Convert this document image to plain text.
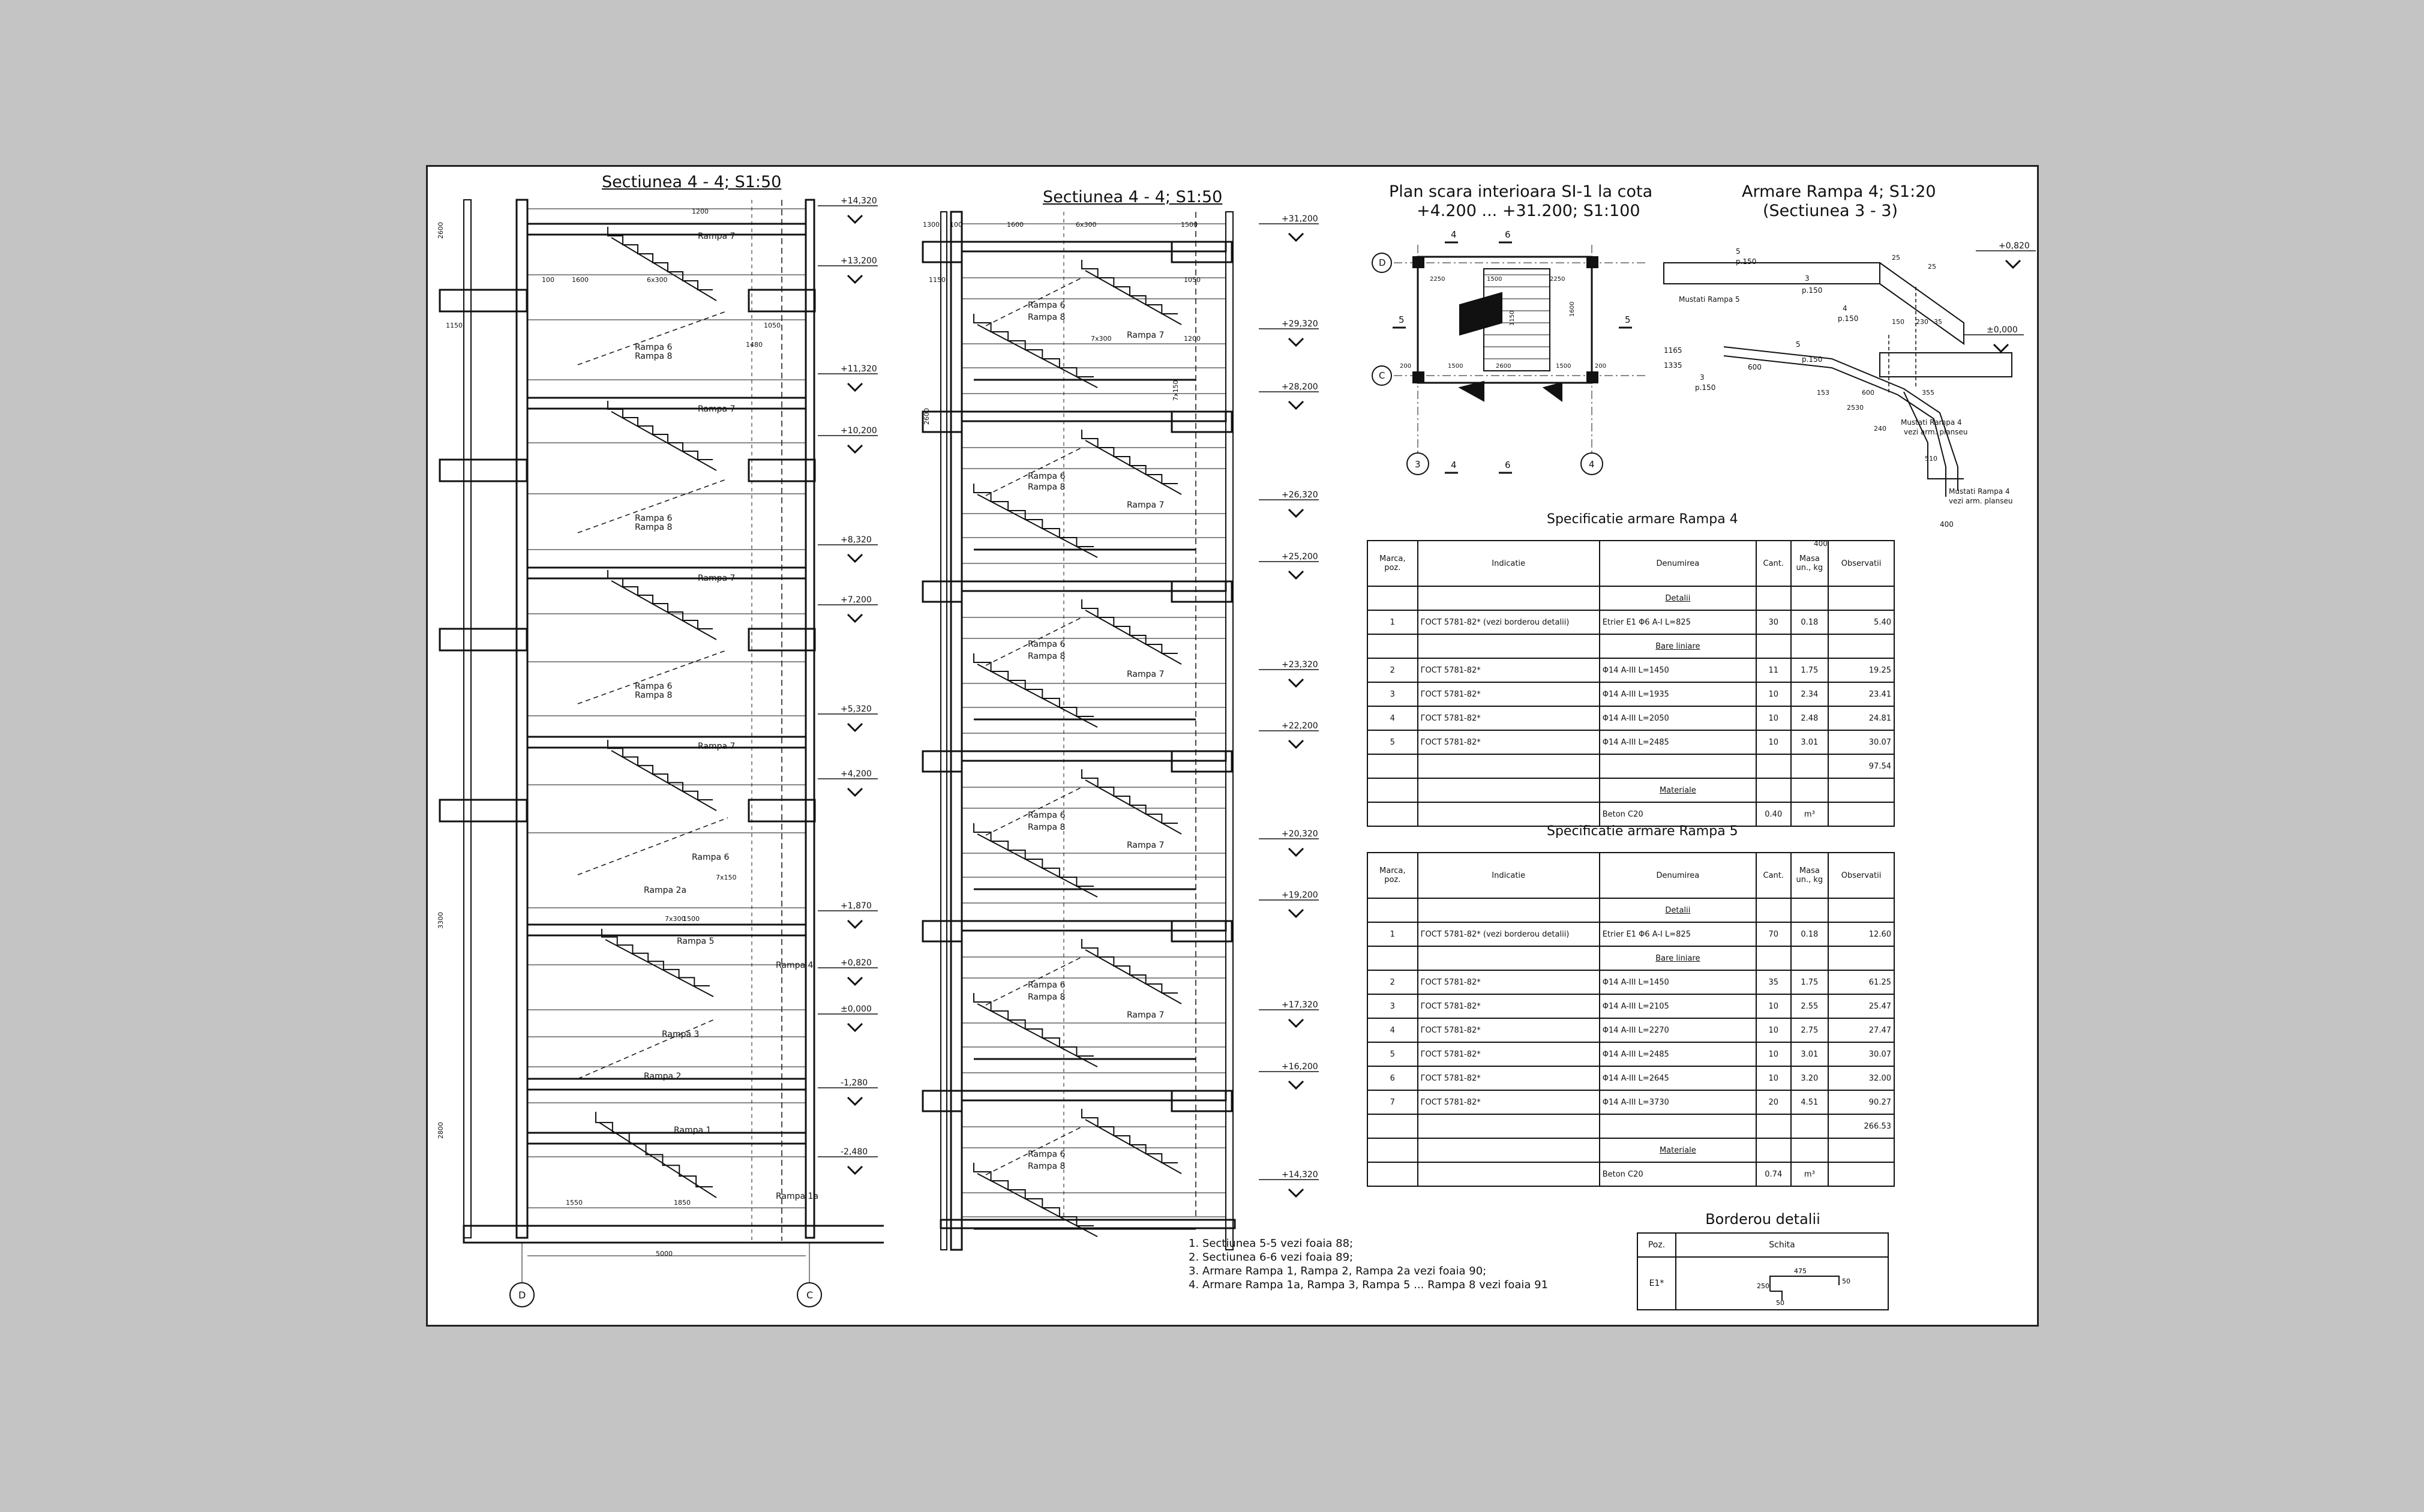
Sectiunea 4 - 4; S1:50
Sectiunea 4 - 4; S1:50	Plan scara interioara SI-1 la cota
+4.200 ... +31.200; S1:100
Armare Rampa 4; S1:20
(Sectiunea 3 - 3)
D	C
+14,320
+13,200
+11,320
+10,200
+8,320
+7,200
+5,320
+4,200
+1,870
+0,820
±0,000
-1,280
-2,480
Rampa 7
Rampa 6
Rampa 8
Rampa 7
Rampa 6
Rampa 8
Rampa 7
Rampa 6
Rampa 8
Rampa 7
Rampa 6
Rampa 2a
Rampa 5
Rampa 4
Rampa 3
Rampa 2
Rampa 1
Rampa 1a
1200
6x300
1600
100
1150	1050
1480
2600
7x300
7x150
1500
1850
1550
5000
3300
2800
+31,200
+29,320
+28,200
+26,320
+25,200
+23,320
+22,200
+20,320
+19,200
+17,320
+16,200
+14,320
Rampa 6
Rampa 8
Rampa 7
Rampa 6
Rampa 8
Rampa 7
Rampa 6
Rampa 8
Rampa 7
Rampa 6
Rampa 8
Rampa 7
Rampa 6
Rampa 8
Rampa 7
Rampa 6
Rampa 8
1300 100	1600	6x300	1500
1150	1050
7x300	1200
2600
7x150
D
C
3	4
4	6
5	5
4	6
2250	1500	2250
200	1500	2600	1500	200
1600
1150
+0,820
±0,000
5
p.150
Mustati Rampa 5
3
p.150
4
p.150
1165
1335	600
3
p.150
5
p.150
Mustati Rampa 4
vezi arm. planseu
Mustati Rampa 4
vezi arm. planseu
400
400
25
25
150 230 35
600
153
2530
240
355
510
Specificatie armare Rampa 4
Marca, poz.	Indicatie	Denumirea	Cant.	Masa un., kg	Observatii
		Detalii			
1	ГОСТ 5781-82* (vezi borderou detalii)	Etrier E1 Φ6 A-I L=825	30	0.18	5.40
		Bare liniare			
2	ГОСТ 5781-82*	Φ14 A-III L=1450	11	1.75	19.25
3	ГОСТ 5781-82*	Φ14 A-III L=1935	10	2.34	23.41
4	ГОСТ 5781-82*	Φ14 A-III L=2050	10	2.48	24.81
5	ГОСТ 5781-82*	Φ14 A-III L=2485	10	3.01	30.07
					97.54
		Materiale			
		Beton C20	0.40	m³	
Specificatie armare Rampa 5
Marca, poz.	Indicatie	Denumirea	Cant.	Masa un., kg	Observatii
		Detalii			
1	ГОСТ 5781-82* (vezi borderou detalii)	Etrier E1 Φ6 A-I L=825	70	0.18	12.60
		Bare liniare			
2	ГОСТ 5781-82*	Φ14 A-III L=1450	35	1.75	61.25
3	ГОСТ 5781-82*	Φ14 A-III L=2105	10	2.55	25.47
4	ГОСТ 5781-82*	Φ14 A-III L=2270	10	2.75	27.47
5	ГОСТ 5781-82*	Φ14 A-III L=2485	10	3.01	30.07
6	ГОСТ 5781-82*	Φ14 A-III L=2645	10	3.20	32.00
7	ГОСТ 5781-82*	Φ14 A-III L=3730	20	4.51	90.27
					266.53
		Materiale			
		Beton C20	0.74	m³	
Borderou detalii
Poz.	Schita
E1*	475
250
50
50
1. Sectiunea 5-5 vezi foaia 88;
2. Sectiunea 6-6 vezi foaia 89;
3. Armare Rampa 1, Rampa 2, Rampa 2a vezi foaia 90;
4. Armare Rampa 1a, Rampa 3, Rampa 5 ... Rampa 8 vezi foaia 91
